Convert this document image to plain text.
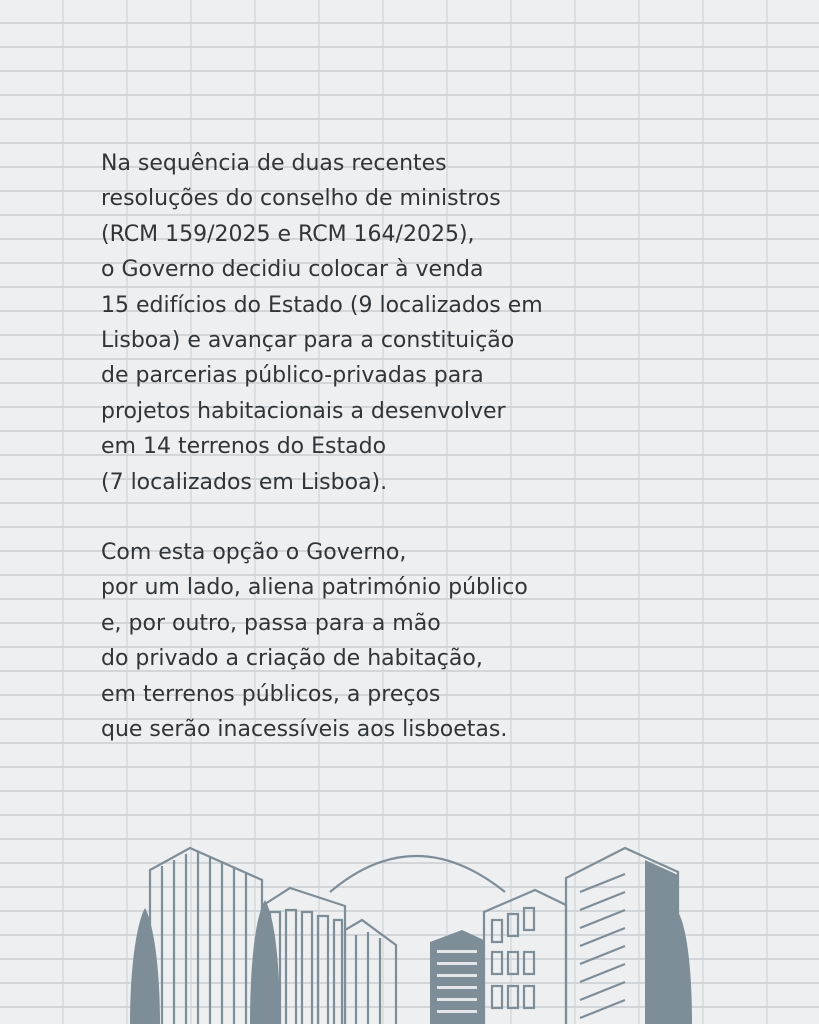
Na sequência de duas recentes
resoluções do conselho de ministros
(RCM 159/2025 e RCM 164/2025),
o Governo decidiu colocar à venda
15 edifícios do Estado (9 localizados em
Lisboa) e avançar para a constituição
de parcerias público-privadas para
projetos habitacionais a desenvolver
em 14 terrenos do Estado
(7 localizados em Lisboa).

Com esta opção o Governo,
por um lado, aliena património público
e, por outro, passa para a mão
do privado a criação de habitação,
em terrenos públicos, a preços
que serão inacessíveis aos lisboetas.
